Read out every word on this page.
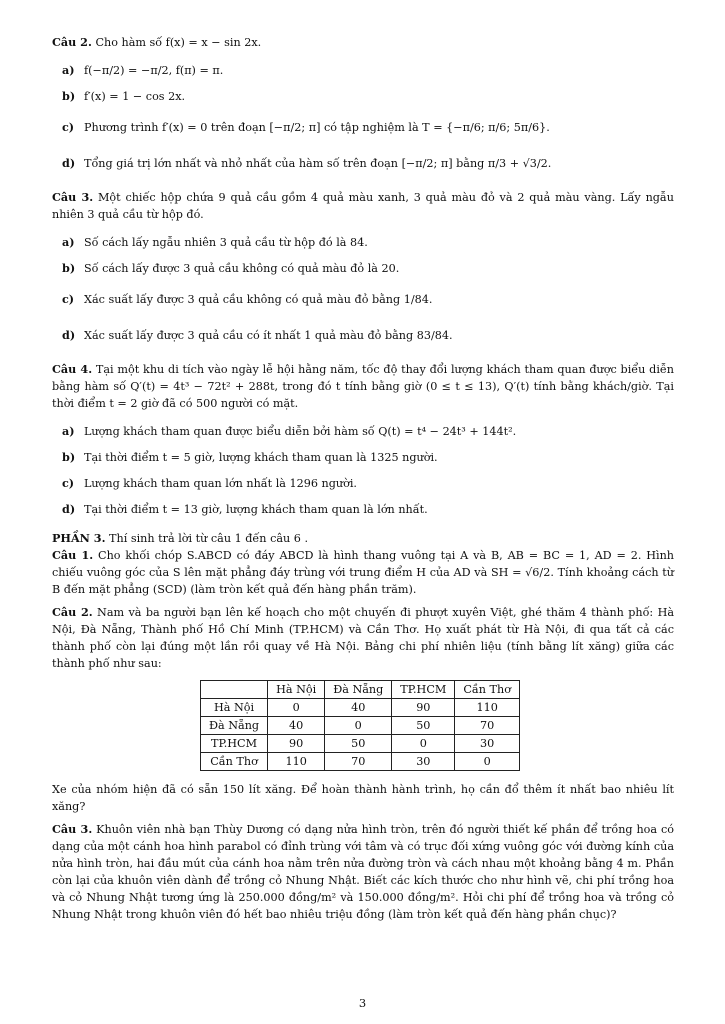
Câu 2. Cho hàm số f(x) = x − sin 2x.

a) f(−π/2) = −π/2, f(π) = π.
b) f′(x) = 1 − cos 2x.
c) Phương trình f′(x) = 0 trên đoạn [−π/2; π] có tập nghiệm là T = {−π/6; π/6; 5π/6}.
d) Tổng giá trị lớn nhất và nhỏ nhất của hàm số trên đoạn [−π/2; π] bằng π/3 + √3/2.

Câu 3. Một chiếc hộp chứa 9 quả cầu gồm 4 quả màu xanh, 3 quả màu đỏ và 2 quả màu vàng. Lấy ngẫu nhiên 3 quả cầu từ hộp đó.

a) Số cách lấy ngẫu nhiên 3 quả cầu từ hộp đó là 84.
b) Số cách lấy được 3 quả cầu không có quả màu đỏ là 20.
c) Xác suất lấy được 3 quả cầu không có quả màu đỏ bằng 1/84.
d) Xác suất lấy được 3 quả cầu có ít nhất 1 quả màu đỏ bằng 83/84.

Câu 4. Tại một khu di tích vào ngày lễ hội hằng năm, tốc độ thay đổi lượng khách tham quan được biểu diễn bằng hàm số Q′(t) = 4t³ − 72t² + 288t, trong đó t tính bằng giờ (0 ≤ t ≤ 13), Q′(t) tính bằng khách/giờ. Tại thời điểm t = 2 giờ đã có 500 người có mặt.

a) Lượng khách tham quan được biểu diễn bởi hàm số Q(t) = t⁴ − 24t³ + 144t².
b) Tại thời điểm t = 5 giờ, lượng khách tham quan là 1325 người.
c) Lượng khách tham quan lớn nhất là 1296 người.
d) Tại thời điểm t = 13 giờ, lượng khách tham quan là lớn nhất.

PHẦN 3. Thí sinh trả lời từ câu 1 đến câu 6 .

Câu 1. Cho khối chóp S.ABCD có đáy ABCD là hình thang vuông tại A và B, AB = BC = 1, AD = 2. Hình chiếu vuông góc của S lên mặt phẳng đáy trùng với trung điểm H của AD và SH = √6/2. Tính khoảng cách từ B đến mặt phẳng (SCD) (làm tròn kết quả đến hàng phần trăm).

Câu 2. Nam và ba người bạn lên kế hoạch cho một chuyến đi phượt xuyên Việt, ghé thăm 4 thành phố: Hà Nội, Đà Nẵng, Thành phố Hồ Chí Minh (TP.HCM) và Cần Thơ. Họ xuất phát từ Hà Nội, đi qua tất cả các thành phố còn lại đúng một lần rồi quay về Hà Nội. Bảng chi phí nhiên liệu (tính bằng lít xăng) giữa các thành phố như sau:

	Hà Nội	Đà Nẵng	TP.HCM	Cần Thơ
Hà Nội	0	40	90	110
Đà Nẵng	40	0	50	70
TP.HCM	90	50	0	30
Cần Thơ	110	70	30	0

Xe của nhóm hiện đã có sẵn 150 lít xăng. Để hoàn thành hành trình, họ cần đổ thêm ít nhất bao nhiêu lít xăng?

Câu 3. Khuôn viên nhà bạn Thùy Dương có dạng nửa hình tròn, trên đó người thiết kế phần để trồng hoa có dạng của một cánh hoa hình parabol có đỉnh trùng với tâm và có trục đối xứng vuông góc với đường kính của nửa hình tròn, hai đầu mút của cánh hoa nằm trên nửa đường tròn và cách nhau một khoảng bằng 4 m. Phần còn lại của khuôn viên dành để trồng cỏ Nhung Nhật. Biết các kích thước cho như hình vẽ, chi phí trồng hoa và cỏ Nhung Nhật tương ứng là 250.000 đồng/m² và 150.000 đồng/m². Hỏi chi phí để trồng hoa và trồng cỏ Nhung Nhật trong khuôn viên đó hết bao nhiêu triệu đồng (làm tròn kết quả đến hàng phần chục)?

3
